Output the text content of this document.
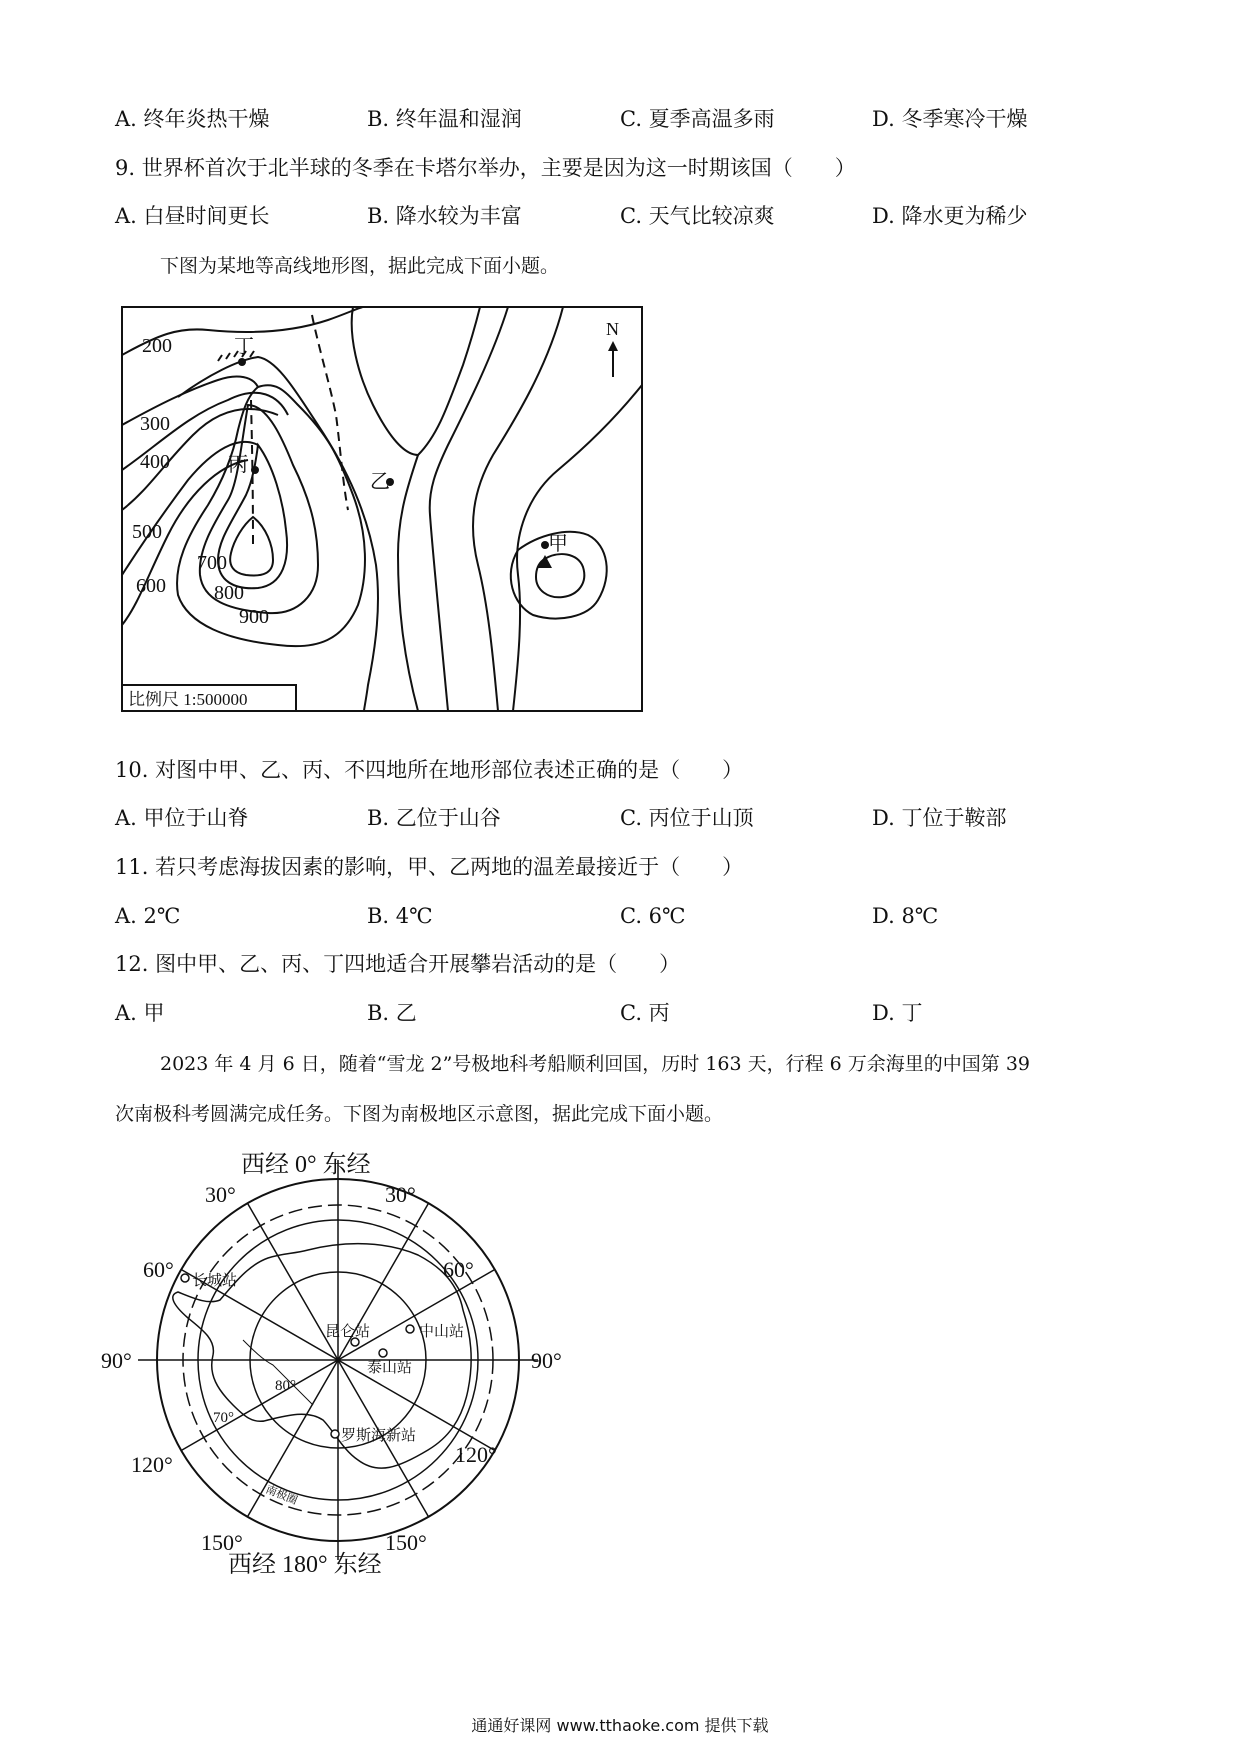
A. 终年炎热干燥	B. 终年温和湿润	C. 夏季高温多雨	D. 冬季寒冷干燥
9. 世界杯首次于北半球的冬季在卡塔尔举办，主要是因为这一时期该国（　　）
A. 白昼时间更长	B. 降水较为丰富	C. 天气比较凉爽	D. 降水更为稀少
下图为某地等高线地形图，据此完成下面小题。
N
200
300
400
500
600
700
800
900
甲
乙
丙
丁
比例尺 1:500000
10. 对图中甲、乙、丙、不四地所在地形部位表述正确的是（　　）
A. 甲位于山脊	B. 乙位于山谷	C. 丙位于山顶	D. 丁位于鞍部
11. 若只考虑海拔因素的影响，甲、乙两地的温差最接近于（　　）
A. 2℃	B. 4℃	C. 6℃	D. 8℃
12. 图中甲、乙、丙、丁四地适合开展攀岩活动的是（　　）
A. 甲	B. 乙	C. 丙	D. 丁
2023 年 4 月 6 日，随着“雪龙 2”号极地科考船顺利回国，历时 163 天，行程 6 万余海里的中国第 39
次南极科考圆满完成任务。下图为南极地区示意图，据此完成下面小题。
西经 0° 东经
西经 180° 东经
30°	30°
60°	60°
90°	90°
120°	120°
150°	150°
80°
70°
长城站
昆仑站	中山站
泰山站
罗斯海新站
南极圈
通通好课网 www.tthaoke.com 提供下载
